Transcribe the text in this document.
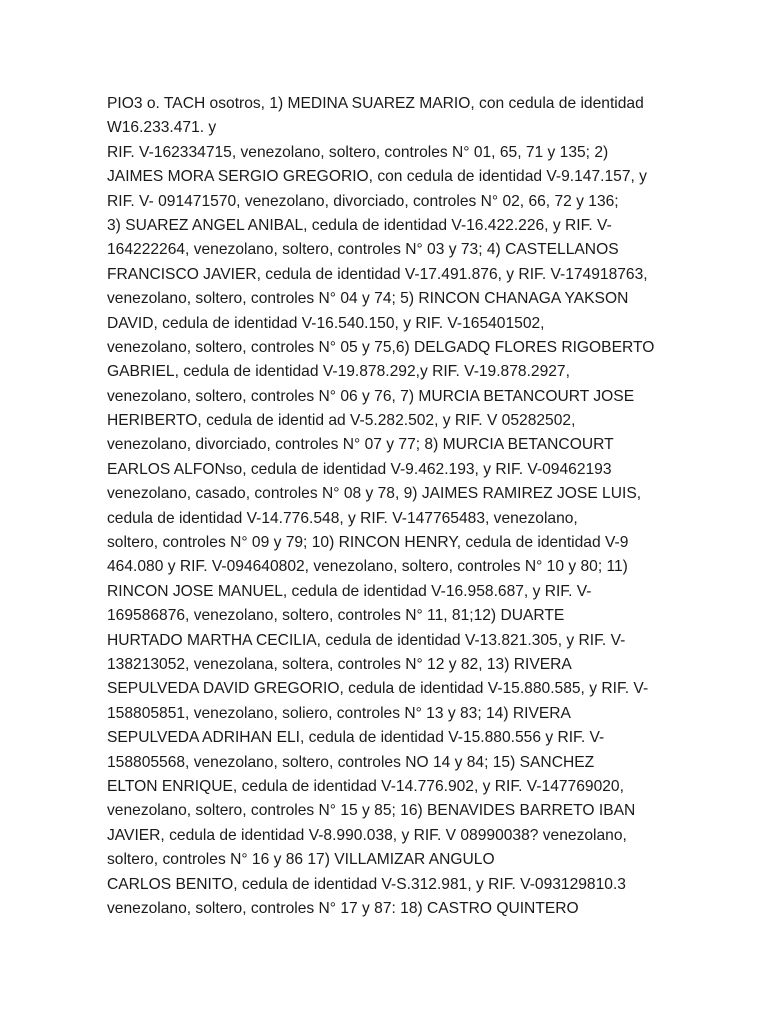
PIO3 o. TACH osotros, 1) MEDINA SUAREZ MARIO, con cedula de identidad
W16.233.471. y
RIF. V-162334715, venezolano, soltero, controles N° 01, 65, 71 y 135; 2)
JAIMES MORA SERGIO GREGORIO, con cedula de identidad V-9.147.157, y
RIF. V- 091471570, venezolano, divorciado, controles N° 02, 66, 72 y 136;
3) SUAREZ ANGEL ANIBAL, cedula de identidad V-16.422.226, y RIF. V-
164222264, venezolano, soltero, controles N° 03 y 73; 4) CASTELLANOS
FRANCISCO JAVIER, cedula de identidad V-17.491.876, y RIF. V-174918763,
venezolano, soltero, controles N° 04 y 74; 5) RINCON CHANAGA YAKSON
DAVID, cedula de identidad V-16.540.150, y RIF. V-165401502,
venezolano, soltero, controles N° 05 y 75,6) DELGADQ FLORES RIGOBERTO
GABRIEL, cedula de identidad V-19.878.292,y RIF. V-19.878.2927,
venezolano, soltero, controles N° 06 y 76, 7) MURCIA BETANCOURT JOSE
HERIBERTO, cedula de identid ad V-5.282.502, y RIF. V 05282502,
venezolano, divorciado, controles N° 07 y 77; 8) MURCIA BETANCOURT
EARLOS ALFONso, cedula de identidad V-9.462.193, y RIF. V-09462193
venezolano, casado, controles N° 08 y 78, 9) JAIMES RAMIREZ JOSE LUIS,
cedula de identidad V-14.776.548, y RIF. V-147765483, venezolano,
soltero, controles N° 09 y 79; 10) RINCON HENRY, cedula de identidad V-9
464.080 y RIF. V-094640802, venezolano, soltero, controles N° 10 y 80; 11)
RINCON JOSE MANUEL, cedula de identidad V-16.958.687, y RIF. V-
169586876, venezolano, soltero, controles N° 11, 81;12) DUARTE
HURTADO MARTHA CECILIA, cedula de identidad V-13.821.305, y RIF. V-
138213052, venezolana, soltera, controles N° 12 y 82, 13) RIVERA
SEPULVEDA DAVID GREGORIO, cedula de identidad V-15.880.585, y RIF. V-
158805851, venezolano, soliero, controles N° 13 y 83; 14) RIVERA
SEPULVEDA ADRIHAN ELI, cedula de identidad V-15.880.556 y RIF. V-
158805568, venezolano, soltero, controles NO 14 y 84; 15) SANCHEZ
ELTON ENRIQUE, cedula de identidad V-14.776.902, y RIF. V-147769020,
venezolano, soltero, controles N° 15 y 85; 16) BENAVIDES BARRETO IBAN
JAVIER, cedula de identidad V-8.990.038, y RIF. V 08990038? venezolano,
soltero, controles N° 16 y 86 17) VILLAMIZAR ANGULO
CARLOS BENITO, cedula de identidad V-S.312.981, y RIF. V-093129810.3
venezolano, soltero, controles N° 17 y 87: 18) CASTRO QUINTERO
